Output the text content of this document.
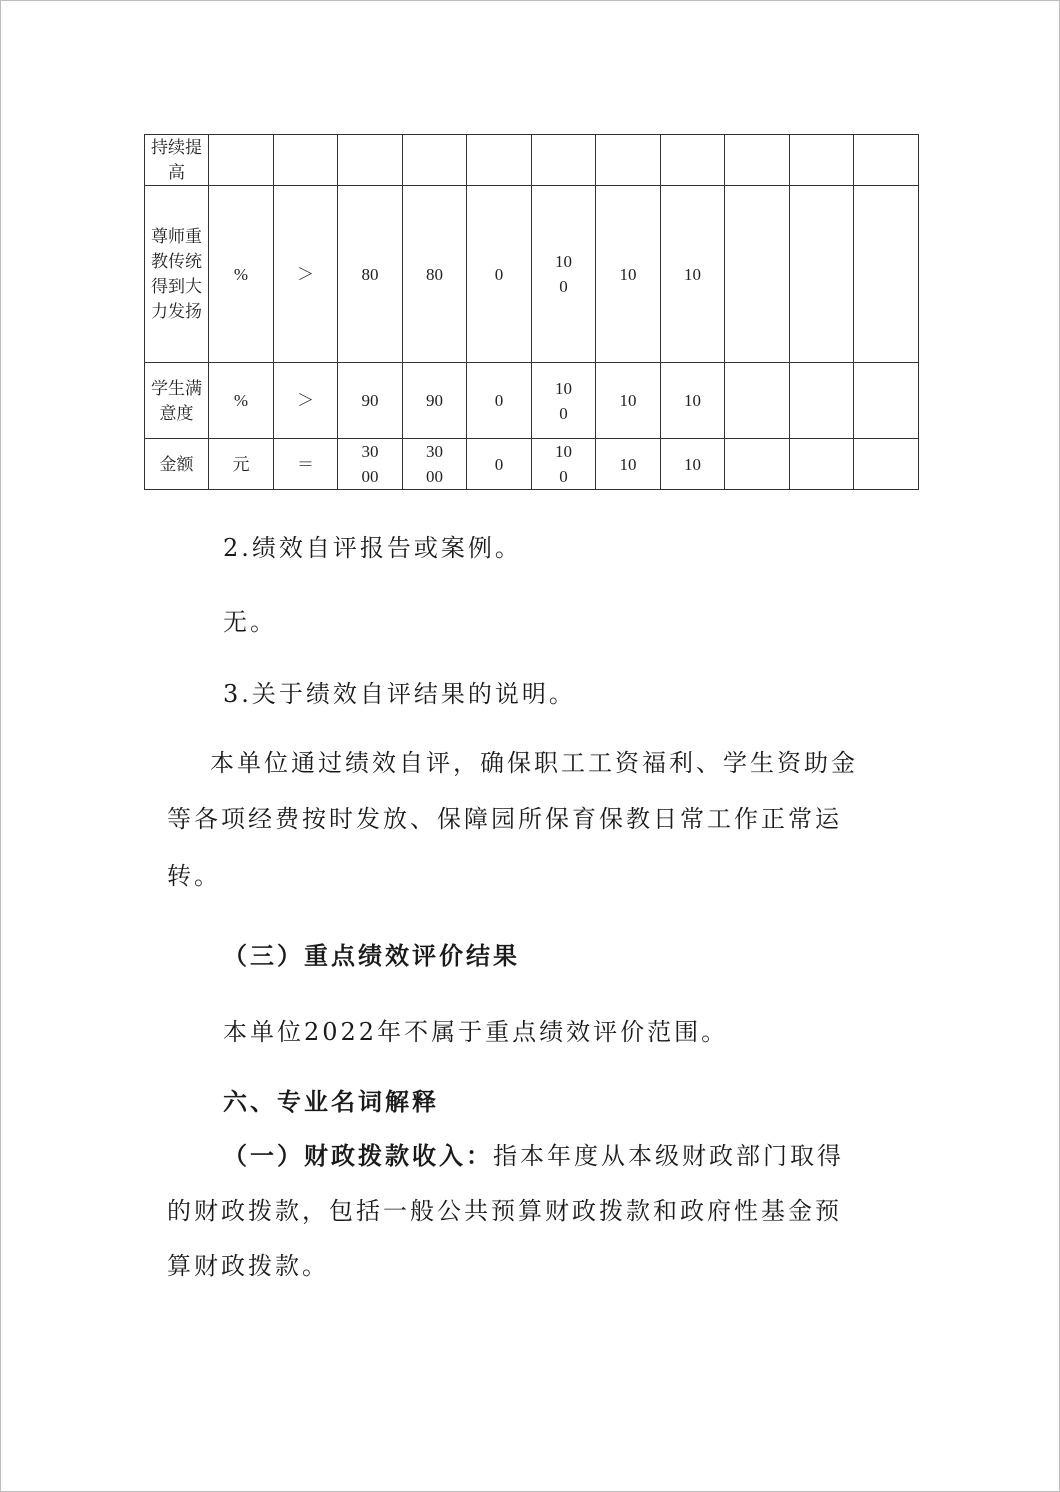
持续提高											
尊师重教传统得到大力发扬	%	＞	80	80	0	100	10	10			
学生满意度	%	＞	90	90	0	100	10	10			
金额	元	＝	3000	3000	0	100	10	10			

2.绩效自评报告或案例。

无。

3.关于绩效自评结果的说明。

本单位通过绩效自评，确保职工工资福利、学生资助金

等各项经费按时发放、保障园所保育保教日常工作正常运

转。

（三）重点绩效评价结果

本单位2022年不属于重点绩效评价范围。

六、专业名词解释

（一）财政拨款收入：指本年度从本级财政部门取得

的财政拨款，包括一般公共预算财政拨款和政府性基金预

算财政拨款。
